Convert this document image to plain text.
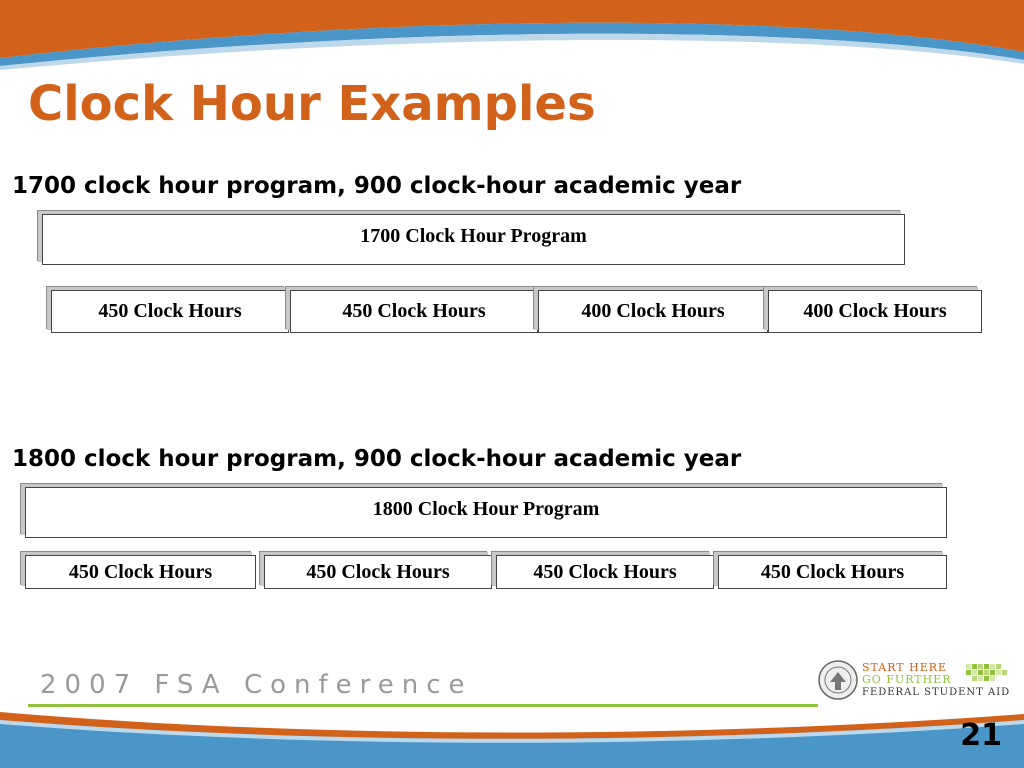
Clock Hour Examples
1700 clock hour program, 900 clock-hour academic year
1700 Clock Hour Program
450 Clock Hours	450 Clock Hours	400 Clock Hours	400 Clock Hours
1800 clock hour program, 900 clock-hour academic year
1800 Clock Hour Program
450 Clock Hours	450 Clock Hours	450 Clock Hours	450 Clock Hours
2007 FSA Conference
START HERE
GO FURTHER
FEDERAL STUDENT AID
21
